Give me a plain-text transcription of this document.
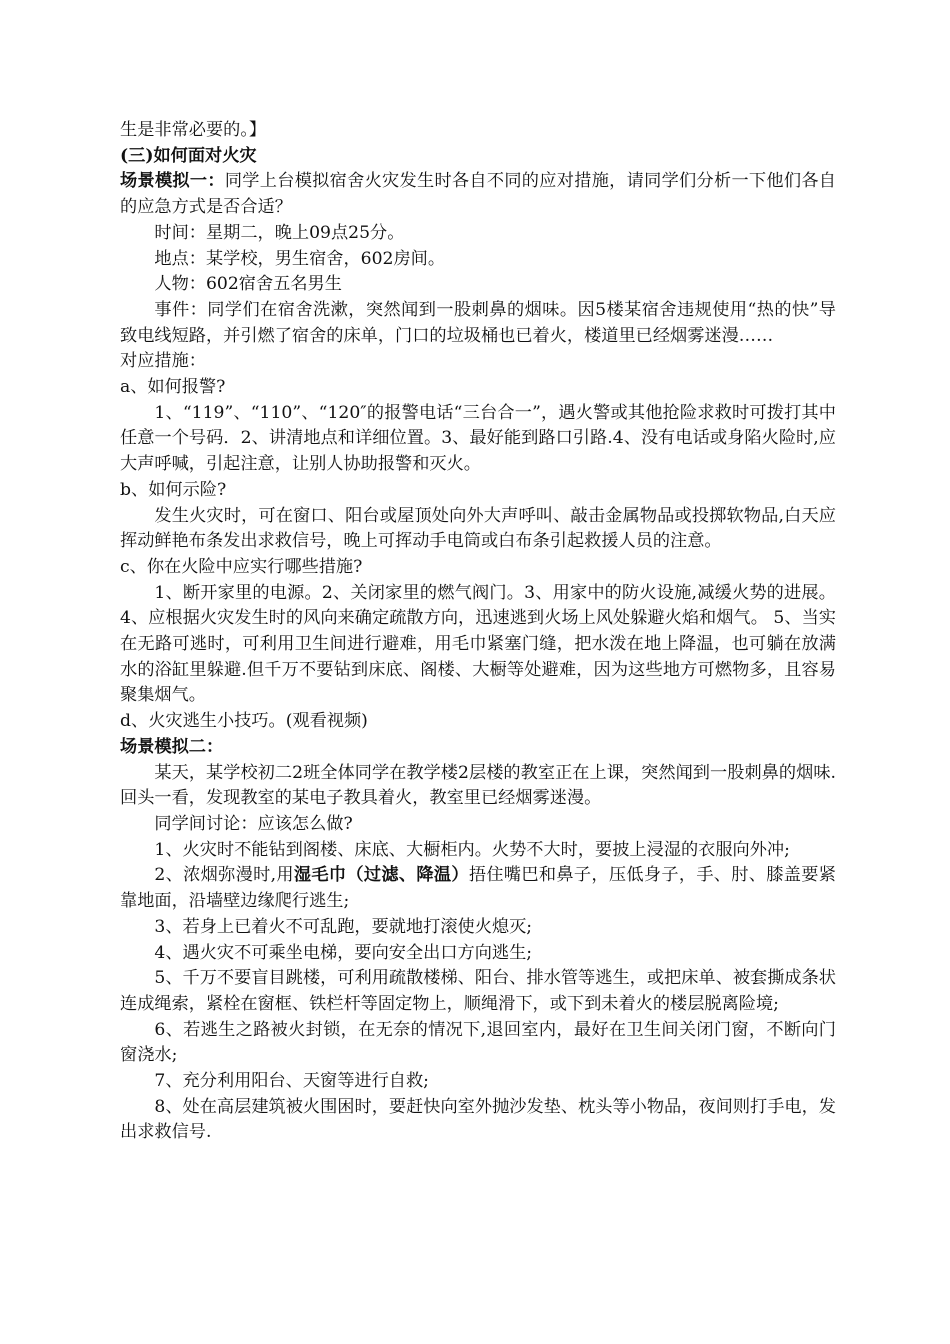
生是非常必要的。】

(三)如何面对火灾

场景模拟一：同学上台模拟宿舍火灾发生时各自不同的应对措施，请同学们分析一下他们各自的应急方式是否合适？

时间：星期二，晚上09点25分。

地点：某学校，男生宿舍，602房间。

人物：602宿舍五名男生

事件：同学们在宿舍洗漱，突然闻到一股刺鼻的烟味。因5楼某宿舍违规使用“热的快”导致电线短路，并引燃了宿舍的床单，门口的垃圾桶也已着火，楼道里已经烟雾迷漫……

对应措施：

a、如何报警?

1、“119”、“110”、“120″的报警电话“三台合一”，遇火警或其他抢险求救时可拨打其中任意一个号码．2、讲清地点和详细位置。3、最好能到路口引路.4、没有电话或身陷火险时,应大声呼喊，引起注意，让别人协助报警和灭火。

b、如何示险?

发生火灾时，可在窗口、阳台或屋顶处向外大声呼叫、敲击金属物品或投掷软物品,白天应挥动鲜艳布条发出求救信号，晚上可挥动手电筒或白布条引起救援人员的注意。

c、你在火险中应实行哪些措施?

1、断开家里的电源。2、关闭家里的燃气阀门。3、用家中的防火设施,减缓火势的进展。4、应根据火灾发生时的风向来确定疏散方向，迅速逃到火场上风处躲避火焰和烟气。 5、当实在无路可逃时，可利用卫生间进行避难，用毛巾紧塞门缝，把水泼在地上降温，也可躺在放满水的浴缸里躲避.但千万不要钻到床底、阁楼、大橱等处避难，因为这些地方可燃物多，且容易聚集烟气。

d、火灾逃生小技巧。(观看视频)

场景模拟二：

某天，某学校初二2班全体同学在教学楼2层楼的教室正在上课，突然闻到一股刺鼻的烟味.回头一看，发现教室的某电子教具着火，教室里已经烟雾迷漫。

同学间讨论：应该怎么做?

1、火灾时不能钻到阁楼、床底、大橱柜内。火势不大时，要披上浸湿的衣服向外冲;

2、浓烟弥漫时,用湿毛巾（过滤、降温）捂住嘴巴和鼻子，压低身子，手、肘、膝盖要紧靠地面，沿墙壁边缘爬行逃生;

3、若身上已着火不可乱跑，要就地打滚使火熄灭;

4、遇火灾不可乘坐电梯，要向安全出口方向逃生;

5、千万不要盲目跳楼，可利用疏散楼梯、阳台、排水管等逃生，或把床单、被套撕成条状连成绳索，紧栓在窗框、铁栏杆等固定物上，顺绳滑下，或下到未着火的楼层脱离险境;

6、若逃生之路被火封锁，在无奈的情况下,退回室内，最好在卫生间关闭门窗，不断向门窗浇水;

7、充分利用阳台、天窗等进行自救;

8、处在高层建筑被火围困时，要赶快向室外抛沙发垫、枕头等小物品，夜间则打手电，发出求救信号.
